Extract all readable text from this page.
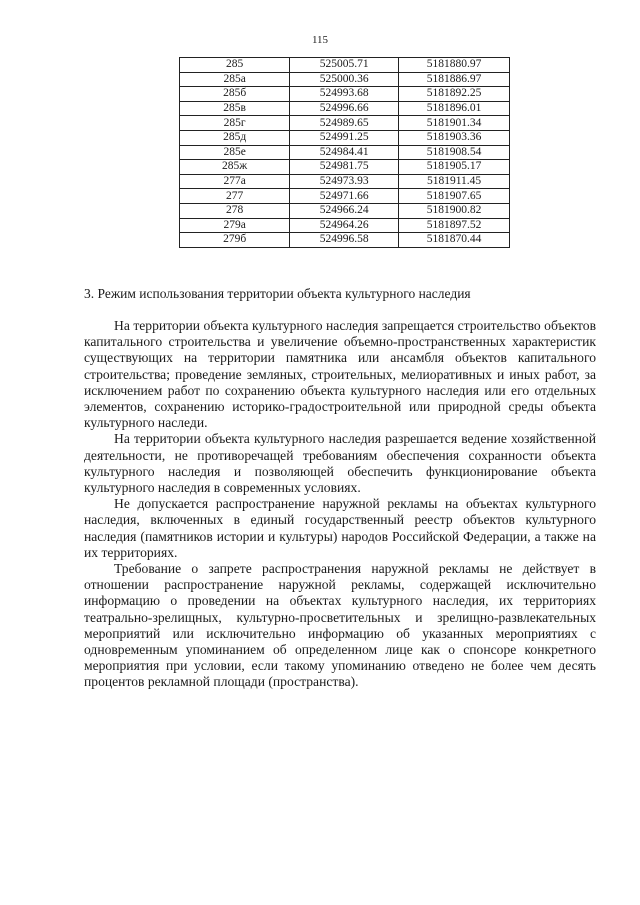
115
285	525005.71	5181880.97
285а	525000.36	5181886.97
285б	524993.68	5181892.25
285в	524996.66	5181896.01
285г	524989.65	5181901.34
285д	524991.25	5181903.36
285е	524984.41	5181908.54
285ж	524981.75	5181905.17
277а	524973.93	5181911.45
277	524971.66	5181907.65
278	524966.24	5181900.82
279а	524964.26	5181897.52
279б	524996.58	5181870.44
3. Режим использования территории объекта культурного наследия

На территории объекта культурного наследия запрещается строительство объектов капитального строительства и увеличение объемно-пространственных характеристик существующих на территории памятника или ансамбля объектов капитального строительства; проведение земляных, строительных, мелиоративных и иных работ, за исключением работ по сохранению объекта культурного наследия или его отдельных элементов, сохранению историко-градостроительной или природной среды объекта культурного наследи.

На территории объекта культурного наследия разрешается ведение хозяйственной деятельности, не противоречащей требованиям обеспечения сохранности объекта культурного наследия и позволяющей обеспечить функционирование объекта культурного наследия в современных условиях.

Не допускается распространение наружной рекламы на объектах культурного наследия, включенных в единый государственный реестр объектов культурного наследия (памятников истории и культуры) народов Российской Федерации, а также на их территориях.

Требование о запрете распространения наружной рекламы не действует в отношении распространение наружной рекламы, содержащей исключительно информацию о проведении на объектах культурного наследия, их территориях театрально-зрелищных, культурно-просветительных и зрелищно-развлекательных мероприятий или исключительно информацию об указанных мероприятиях с одновременным упоминанием об определенном лице как о спонсоре конкретного мероприятия при условии, если такому упоминанию отведено не более чем десять процентов рекламной площади (пространства).
